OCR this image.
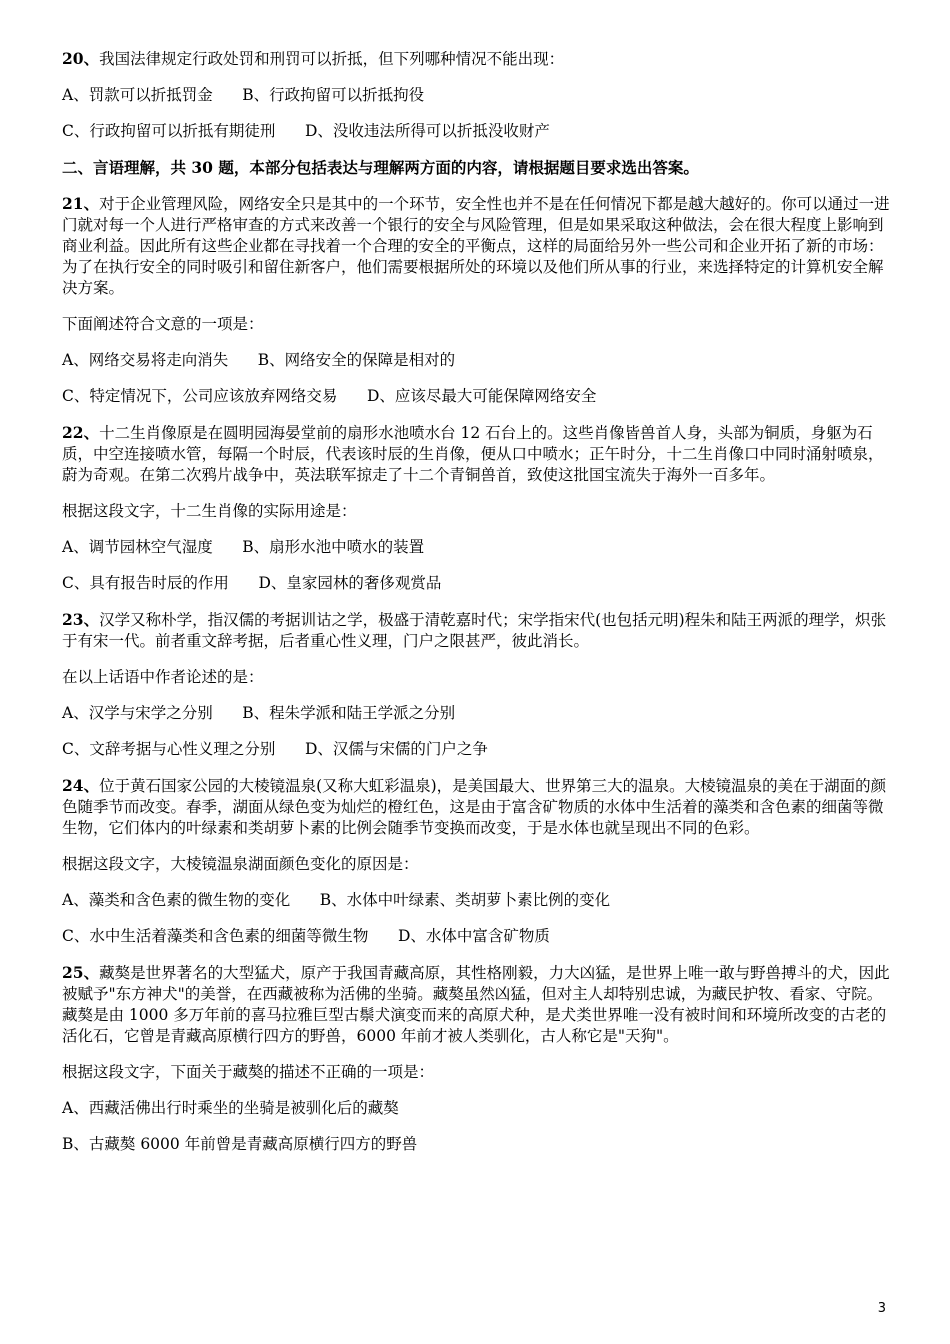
20、我国法律规定行政处罚和刑罚可以折抵，但下列哪种情况不能出现：

A、罚款可以折抵罚金 B、行政拘留可以折抵拘役

C、行政拘留可以折抵有期徒刑 D、没收违法所得可以折抵没收财产

二、言语理解，共 30 题，本部分包括表达与理解两方面的内容，请根据题目要求选出答案。

21、对于企业管理风险，网络安全只是其中的一个环节，安全性也并不是在任何情况下都是越大越好的。你可以通过一进门就对每一个人进行严格审查的方式来改善一个银行的安全与风险管理，但是如果采取这种做法，会在很大程度上影响到商业利益。因此所有这些企业都在寻找着一个合理的安全的平衡点，这样的局面给另外一些公司和企业开拓了新的市场：为了在执行安全的同时吸引和留住新客户，他们需要根据所处的环境以及他们所从事的行业，来选择特定的计算机安全解决方案。

下面阐述符合文意的一项是：

A、网络交易将走向消失 B、网络安全的保障是相对的

C、特定情况下，公司应该放弃网络交易 D、应该尽最大可能保障网络安全

22、十二生肖像原是在圆明园海晏堂前的扇形水池喷水台 12 石台上的。这些肖像皆兽首人身，头部为铜质，身躯为石质，中空连接喷水管，每隔一个时辰，代表该时辰的生肖像，便从口中喷水；正午时分，十二生肖像口中同时涌射喷泉，蔚为奇观。在第二次鸦片战争中，英法联军掠走了十二个青铜兽首，致使这批国宝流失于海外一百多年。

根据这段文字，十二生肖像的实际用途是：

A、调节园林空气湿度 B、扇形水池中喷水的装置

C、具有报告时辰的作用 D、皇家园林的奢侈观赏品

23、汉学又称朴学，指汉儒的考据训诂之学，极盛于清乾嘉时代；宋学指宋代(也包括元明)程朱和陆王两派的理学，炽张于有宋一代。前者重文辞考据，后者重心性义理，门户之限甚严，彼此消长。

在以上话语中作者论述的是：

A、汉学与宋学之分别 B、程朱学派和陆王学派之分别

C、文辞考据与心性义理之分别 D、汉儒与宋儒的门户之争

24、位于黄石国家公园的大棱镜温泉(又称大虹彩温泉)，是美国最大、世界第三大的温泉。大棱镜温泉的美在于湖面的颜色随季节而改变。春季，湖面从绿色变为灿烂的橙红色，这是由于富含矿物质的水体中生活着的藻类和含色素的细菌等微生物，它们体内的叶绿素和类胡萝卜素的比例会随季节变换而改变，于是水体也就呈现出不同的色彩。

根据这段文字，大棱镜温泉湖面颜色变化的原因是：

A、藻类和含色素的微生物的变化 B、水体中叶绿素、类胡萝卜素比例的变化

C、水中生活着藻类和含色素的细菌等微生物 D、水体中富含矿物质

25、藏獒是世界著名的大型猛犬，原产于我国青藏高原，其性格刚毅，力大凶猛，是世界上唯一敢与野兽搏斗的犬，因此被赋予"东方神犬"的美誉，在西藏被称为活佛的坐骑。藏獒虽然凶猛，但对主人却特别忠诚，为藏民护牧、看家、守院。藏獒是由 1000 多万年前的喜马拉雅巨型古鬃犬演变而来的高原犬种，是犬类世界唯一没有被时间和环境所改变的古老的活化石，它曾是青藏高原横行四方的野兽，6000 年前才被人类驯化，古人称它是"天狗"。

根据这段文字，下面关于藏獒的描述不正确的一项是：

A、西藏活佛出行时乘坐的坐骑是被驯化后的藏獒

B、古藏獒 6000 年前曾是青藏高原横行四方的野兽

3
